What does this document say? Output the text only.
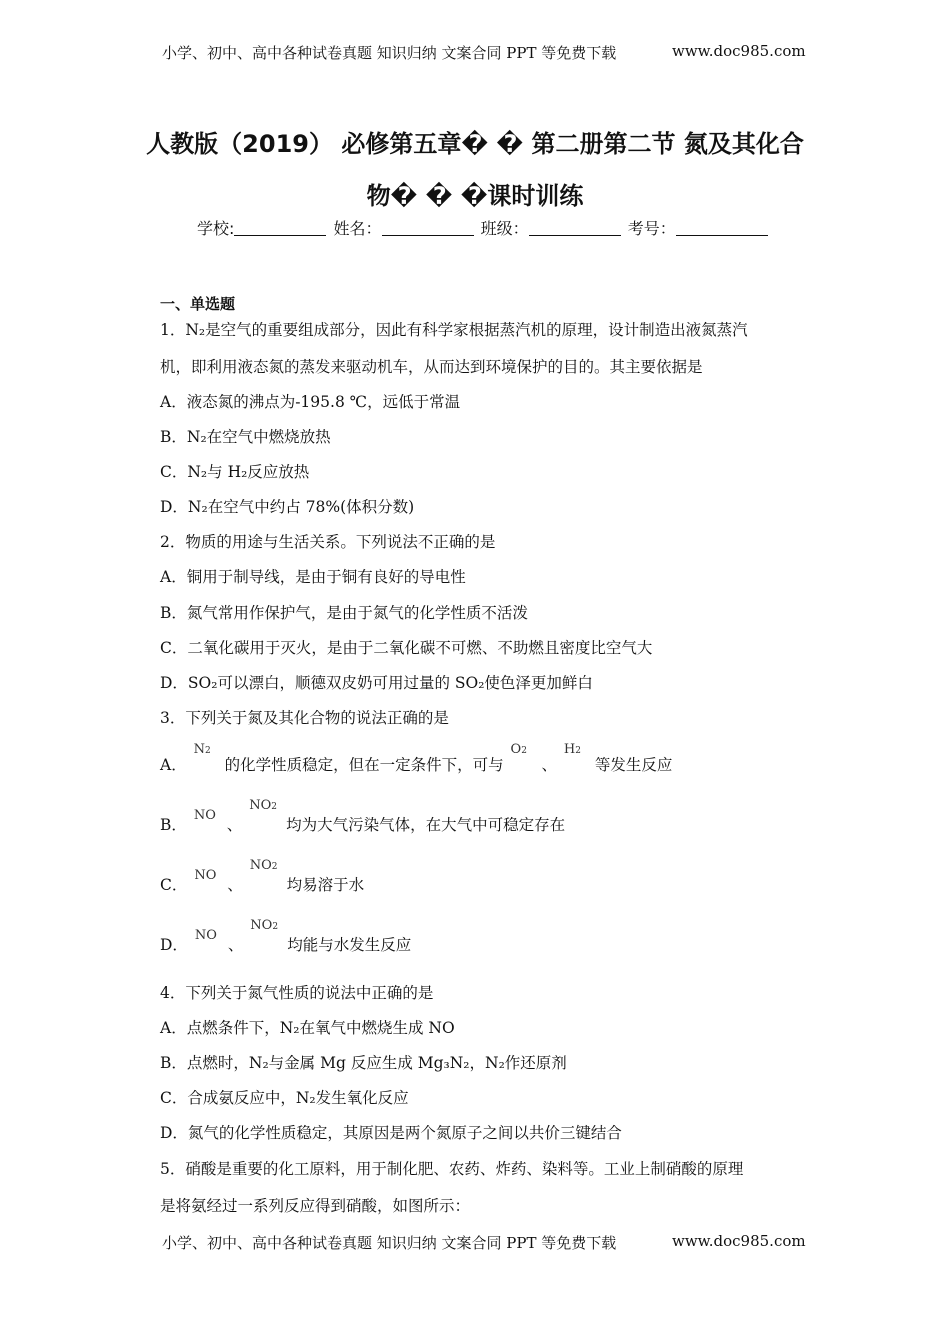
小学、初中、高中各种试卷真题 知识归纳 文案合同 PPT 等免费下载	www.doc985.com
人教版（2019） 必修第五章� � 第二册第二节 氮及其化合
物� � �课时训练
学校:	姓名：	班级：	考号：
一、单选题
1．N₂是空气的重要组成部分，因此有科学家根据蒸汽机的原理，设计制造出液氮蒸汽
机，即利用液态氮的蒸发来驱动机车，从而达到环境保护的目的。其主要依据是
A．液态氮的沸点为-195.8 ℃，远低于常温
B．N₂在空气中燃烧放热
C．N₂与 H₂反应放热
D．N₂在空气中约占 78%(体积分数)
2．物质的用途与生活关系。下列说法不正确的是
A．铜用于制导线，是由于铜有良好的导电性
B．氮气常用作保护气，是由于氮气的化学性质不活泼
C．二氧化碳用于灭火，是由于二氧化碳不可燃、不助燃且密度比空气大
D．SO₂可以漂白，顺德双皮奶可用过量的 SO₂使色泽更加鲜白
3．下列关于氮及其化合物的说法正确的是
A．
N2
的化学性质稳定，但在一定条件下，可与
O2
、
H2
等发生反应
B．
NO
、
NO2
均为大气污染气体，在大气中可稳定存在
C．
NO
、
NO2
均易溶于水
D．
NO
、
NO2
均能与水发生反应
4．下列关于氮气性质的说法中正确的是
A．点燃条件下，N₂在氧气中燃烧生成 NO
B．点燃时，N₂与金属 Mg 反应生成 Mg₃N₂，N₂作还原剂
C．合成氨反应中，N₂发生氧化反应
D．氮气的化学性质稳定，其原因是两个氮原子之间以共价三键结合
5．硝酸是重要的化工原料，用于制化肥、农药、炸药、染料等。工业上制硝酸的原理
是将氨经过一系列反应得到硝酸，如图所示：
小学、初中、高中各种试卷真题 知识归纳 文案合同 PPT 等免费下载	www.doc985.com
